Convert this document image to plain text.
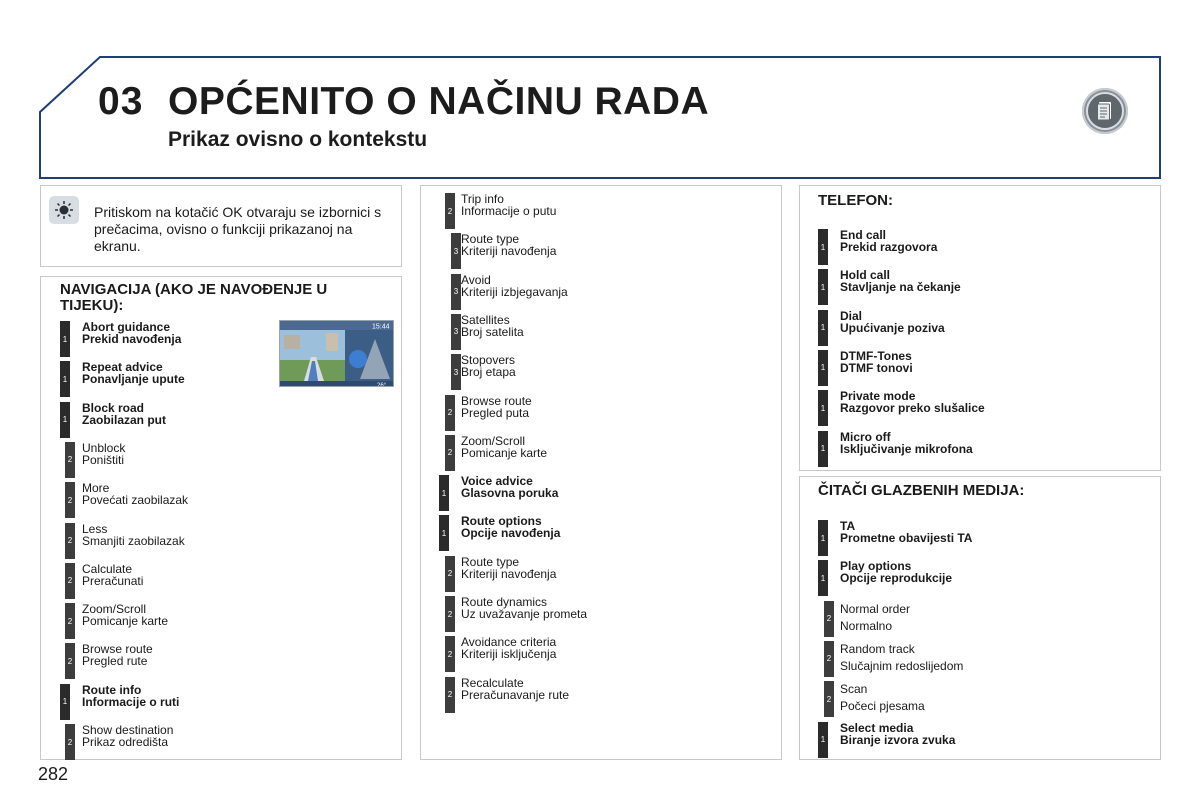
03 OPĆENITO O NAČINU RADA
Prikaz ovisno o kontekstu
Pritiskom na kotačić OK otvaraju se izbornici s prečacima, ovisno o funkciji prikazanoj na ekranu.
NAVIGACIJA (AKO JE NAVOĐENJE U TIJEKU):
15:44
26°
TELEFON:
ČITAČI GLAZBENIH MEDIJA:
1
Abort guidance
Prekid navođenja
1
Repeat advice
Ponavljanje upute
1
Block road
Zaobilazan put
2
Unblock
Poništiti
2
More
Povećati zaobilazak
2
Less
Smanjiti zaobilazak
2
Calculate
Preračunati
2
Zoom/Scroll
Pomicanje karte
2
Browse route
Pregled rute
1
Route info
Informacije o ruti
2
Show destination
Prikaz odredišta
2
Trip info
Informacije o putu
3
Route type
Kriteriji navođenja
3
Avoid
Kriteriji izbjegavanja
3
Satellites
Broj satelita
3
Stopovers
Broj etapa
2
Browse route
Pregled puta
2
Zoom/Scroll
Pomicanje karte
1
Voice advice
Glasovna poruka
1
Route options
Opcije navođenja
2
Route type
Kriteriji navođenja
2
Route dynamics
Uz uvažavanje prometa
2
Avoidance criteria
Kriteriji isključenja
2
Recalculate
Preračunavanje rute
1
End call
Prekid razgovora
1
Hold call
Stavljanje na čekanje
1
Dial
Upućivanje poziva
1
DTMF-Tones
DTMF tonovi
1
Private mode
Razgovor preko slušalice
1
Micro off
Isključivanje mikrofona
1
TA
Prometne obavijesti TA
1
Play options
Opcije reprodukcije
2
Normal order
Normalno
2
Random track
Slučajnim redoslijedom
2
Scan
Počeci pjesama
1
Select media
Biranje izvora zvuka
282
